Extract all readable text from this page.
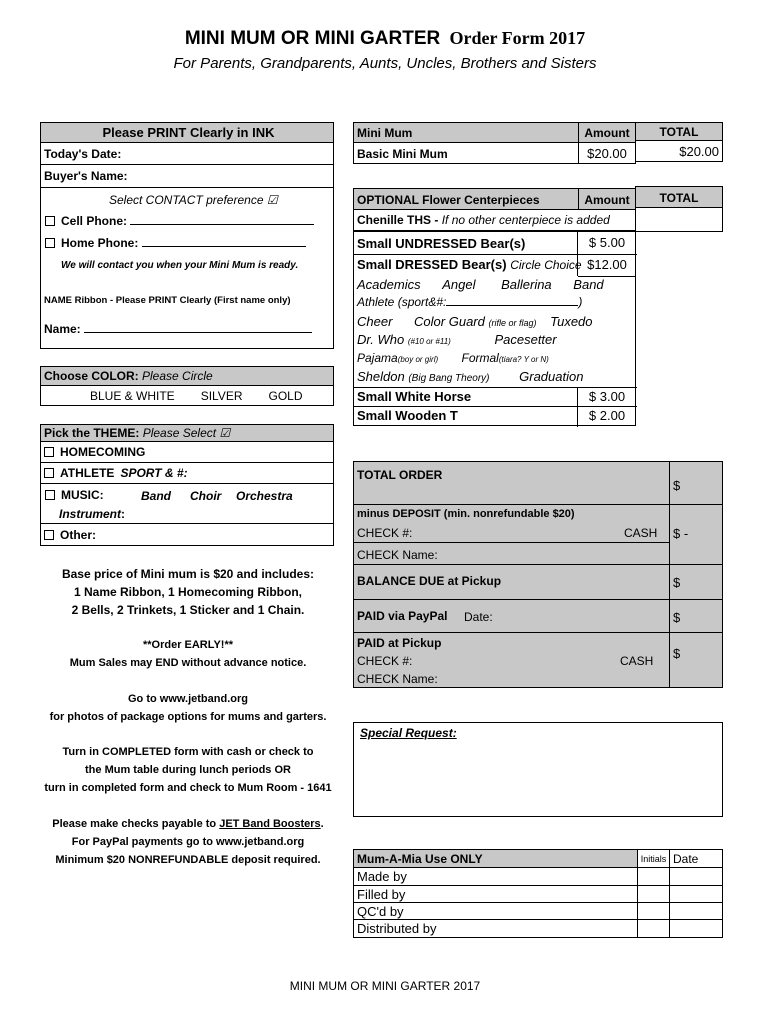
MINI MUM OR MINI GARTER Order Form 2017
For Parents, Grandparents, Aunts, Uncles, Brothers and Sisters
Please PRINT Clearly in INK
Today's Date:
Buyer's Name:
Select CONTACT preference ☑
Cell Phone:
Home Phone:
We will contact you when your Mini Mum is ready.
NAME Ribbon - Please PRINT Clearly (First name only)
Name:
Choose COLOR:
Please Circle
BLUE & WHITE SILVER GOLD
Pick the THEME:
Please Select ☑
HOMECOMING
ATHLETE SPORT & #:
MUSIC:	Band Choir Orchestra
Instrument:
Other:
Base price of Mini mum is $20 and includes:
1 Name Ribbon, 1 Homecoming Ribbon,
2 Bells, 2 Trinkets, 1 Sticker and 1 Chain.
**Order EARLY!**
Mum Sales may END without advance notice.
Go to www.jetband.org
for photos of package options for mums and garters.
Turn in COMPLETED form with cash or check to
the Mum table during lunch periods OR
turn in completed form and check to Mum Room - 1641
Please make checks payable to JET Band Boosters.
For PayPal payments go to www.jetband.org
Minimum $20 NONREFUNDABLE deposit required.
Mini Mum	Amount	TOTAL
Basic Mini Mum	$20.00	$20.00
OPTIONAL Flower Centerpieces	Amount	TOTAL
Chenille THS - If no other centerpiece is added
Small UNDRESSED Bear(s)	$ 5.00
Small DRESSED Bear(s) Circle Choice $12.00
Academics Angel Ballerina Band
Athlete (sport&#:	)
Cheer Color Guard (rifle or flag) Tuxedo
Dr. Who (#10 or #11)	Pacesetter
Pajama(boy or girl) Formal(tiara? Y or N)
Sheldon (Big Bang Theory) Graduation
Small White Horse	$ 3.00
Small Wooden T	$ 2.00
TOTAL ORDER
$
minus DEPOSIT (min. nonrefundable $20)
CHECK #:	CASH $ -
CHECK Name:
BALANCE DUE at Pickup	$
PAID via PayPal Date:	$
PAID at Pickup
CHECK #:	CASH $
CHECK Name:
Special Request:
Mum-A-Mia Use ONLY	Initials Date
Made by
Filled by
QC'd by
Distributed by
MINI MUM OR MINI GARTER 2017
